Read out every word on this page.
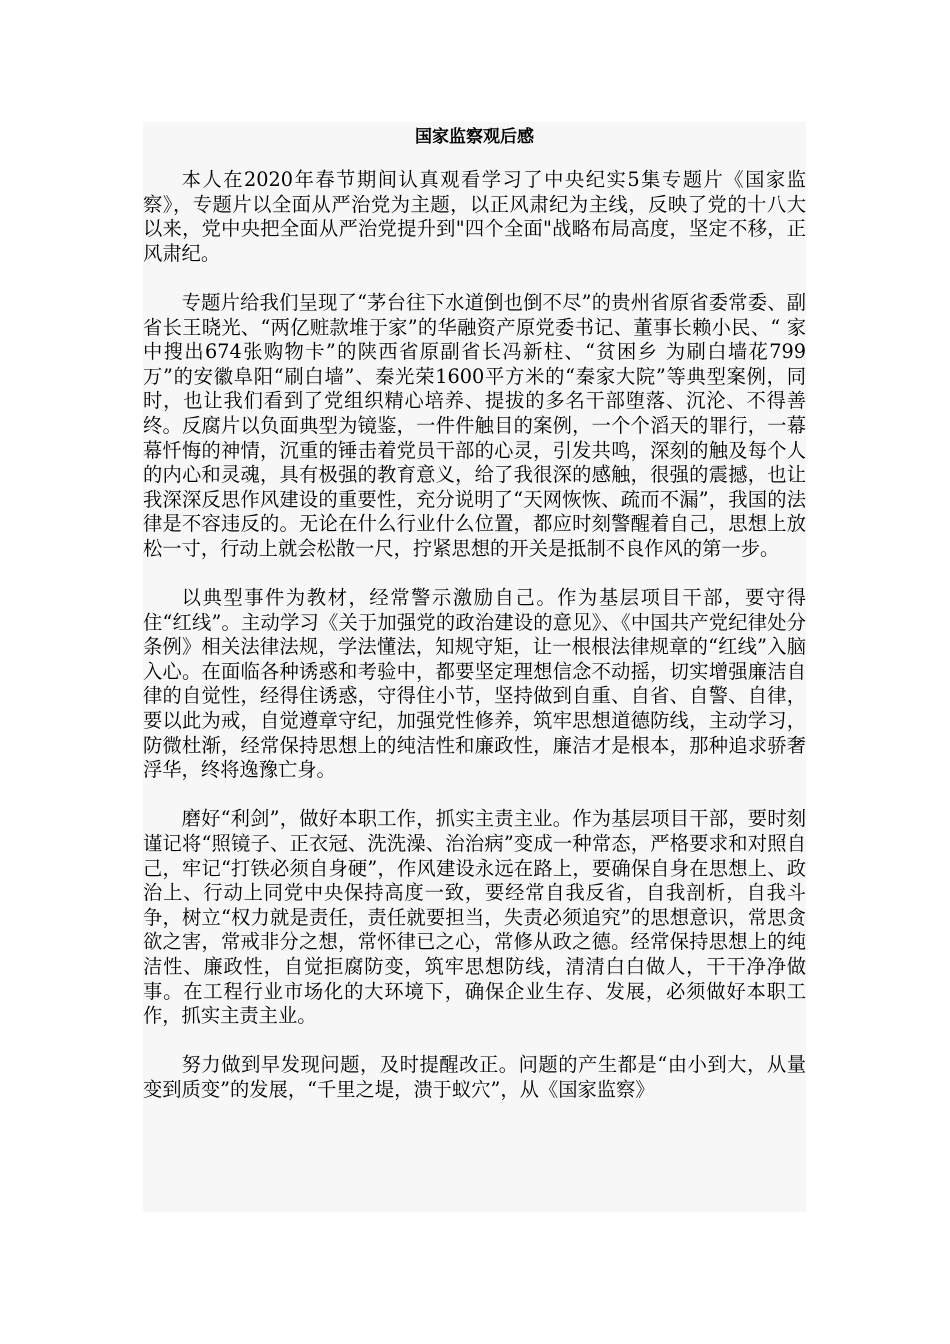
国家监察观后感

本人在2020年春节期间认真观看学习了中央纪实5集专题片《国家监察》，专题片以全面从严治党为主题，以正风肃纪为主线，反映了党的十八大以来，党中央把全面从严治党提升到"四个全面"战略布局高度，坚定不移，正风肃纪。

专题片给我们呈现了“茅台往下水道倒也倒不尽”的贵州省原省委常委、副省长王晓光、“两亿赃款堆于家”的华融资产原党委书记、董事长赖小民、“ 家中搜出674张购物卡”的陕西省原副省长冯新柱、“贫困乡 为刷白墙花799万”的安徽阜阳“刷白墙”、秦光荣1600平方米的“秦家大院”等典型案例，同时，也让我们看到了党组织精心培养、提拔的多名干部堕落、沉沦、不得善终。反腐片以负面典型为镜鉴，一件件触目的案例，一个个滔天的罪行，一幕幕忏悔的神情，沉重的锤击着党员干部的心灵，引发共鸣，深刻的触及每个人的内心和灵魂，具有极强的教育意义，给了我很深的感触，很强的震撼，也让我深深反思作风建设的重要性，充分说明了“天网恢恢、疏而不漏”，我国的法律是不容违反的。无论在什么行业什么位置，都应时刻警醒着自己，思想上放松一寸，行动上就会松散一尺，拧紧思想的开关是抵制不良作风的第一步。

以典型事件为教材，经常警示激励自己。作为基层项目干部，要守得住“红线”。主动学习《关于加强党的政治建设的意见》、《中国共产党纪律处分条例》相关法律法规，学法懂法，知规守矩，让一根根法律规章的“红线”入脑入心。在面临各种诱惑和考验中，都要坚定理想信念不动摇，切实增强廉洁自律的自觉性，经得住诱惑，守得住小节，坚持做到自重、自省、自警、自律，要以此为戒，自觉遵章守纪，加强党性修养，筑牢思想道德防线，主动学习，防微杜渐，经常保持思想上的纯洁性和廉政性，廉洁才是根本，那种追求骄奢浮华，终将逸豫亡身。

磨好“利剑”，做好本职工作，抓实主责主业。作为基层项目干部，要时刻谨记将“照镜子、正衣冠、洗洗澡、治治病”变成一种常态，严格要求和对照自己，牢记“打铁必须自身硬”，作风建设永远在路上，要确保自身在思想上、政治上、行动上同党中央保持高度一致，要经常自我反省，自我剖析，自我斗争，树立“权力就是责任，责任就要担当，失责必须追究”的思想意识，常思贪欲之害，常戒非分之想，常怀律已之心，常修从政之德。经常保持思想上的纯洁性、廉政性，自觉拒腐防变，筑牢思想防线，清清白白做人，干干净净做事。在工程行业市场化的大环境下，确保企业生存、发展，必须做好本职工作，抓实主责主业。

努力做到早发现问题，及时提醒改正。问题的产生都是“由小到大，从量变到质变”的发展，“千里之堤，溃于蚁穴”，从《国家监察》
